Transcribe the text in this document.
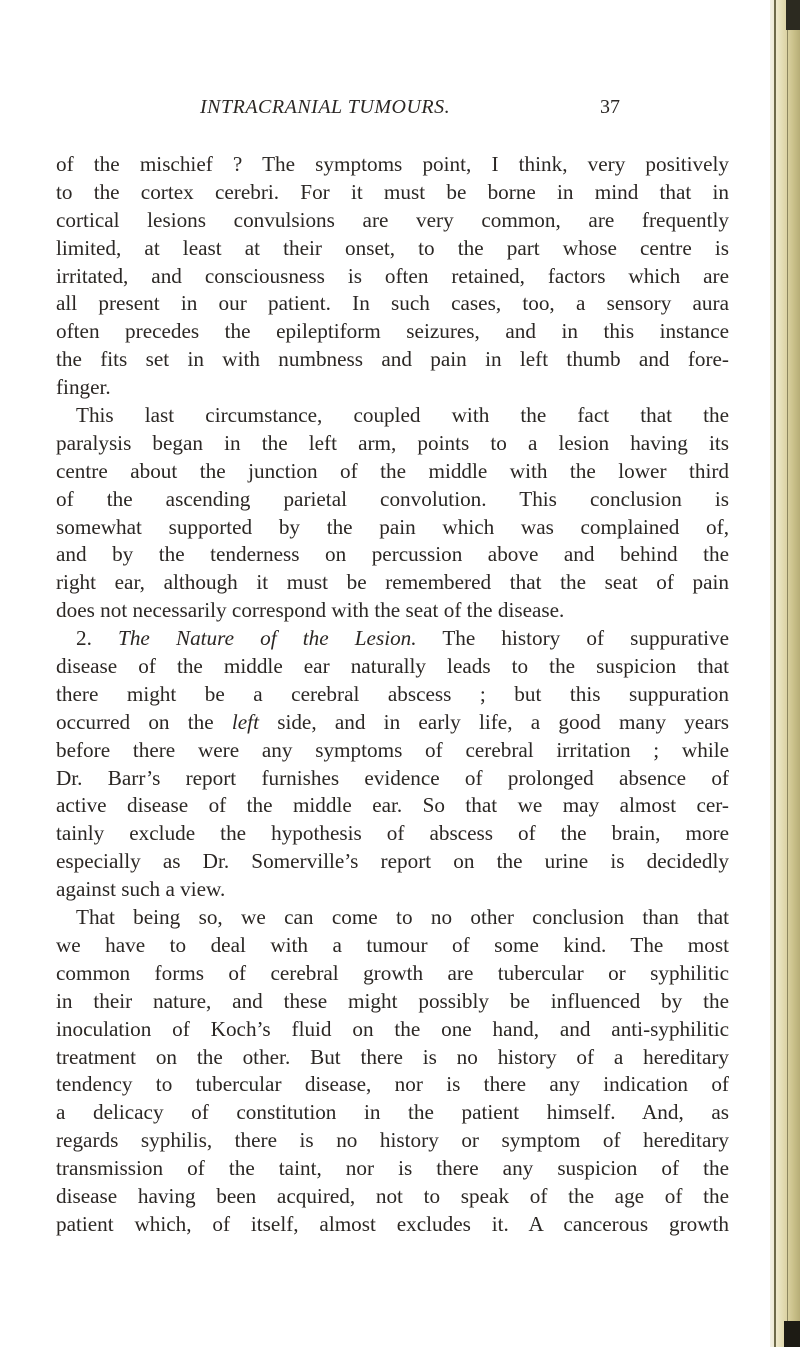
INTRACRANIAL TUMOURS.	37
of the mischief ? The symptoms point, I think, very positively
to the cortex cerebri. For it must be borne in mind that in
cortical lesions convulsions are very common, are frequently
limited, at least at their onset, to the part whose centre is
irritated, and consciousness is often retained, factors which are
all present in our patient. In such cases, too, a sensory aura
often precedes the epileptiform seizures, and in this instance
the fits set in with numbness and pain in left thumb and fore-
finger.
This last circumstance, coupled with the fact that the
paralysis began in the left arm, points to a lesion having its
centre about the junction of the middle with the lower third
of the ascending parietal convolution. This conclusion is
somewhat supported by the pain which was complained of,
and by the tenderness on percussion above and behind the
right ear, although it must be remembered that the seat of pain
does not necessarily correspond with the seat of the disease.
2. The Nature of the Lesion. The history of suppurative
disease of the middle ear naturally leads to the suspicion that
there might be a cerebral abscess ; but this suppuration
occurred on the left side, and in early life, a good many years
before there were any symptoms of cerebral irritation ; while
Dr. Barr’s report furnishes evidence of prolonged absence of
active disease of the middle ear. So that we may almost cer-
tainly exclude the hypothesis of abscess of the brain, more
especially as Dr. Somerville’s report on the urine is decidedly
against such a view.
That being so, we can come to no other conclusion than that
we have to deal with a tumour of some kind. The most
common forms of cerebral growth are tubercular or syphilitic
in their nature, and these might possibly be influenced by the
inoculation of Koch’s fluid on the one hand, and anti-syphilitic
treatment on the other. But there is no history of a hereditary
tendency to tubercular disease, nor is there any indication of
a delicacy of constitution in the patient himself. And, as
regards syphilis, there is no history or symptom of hereditary
transmission of the taint, nor is there any suspicion of the
disease having been acquired, not to speak of the age of the
patient which, of itself, almost excludes it. A cancerous growth
